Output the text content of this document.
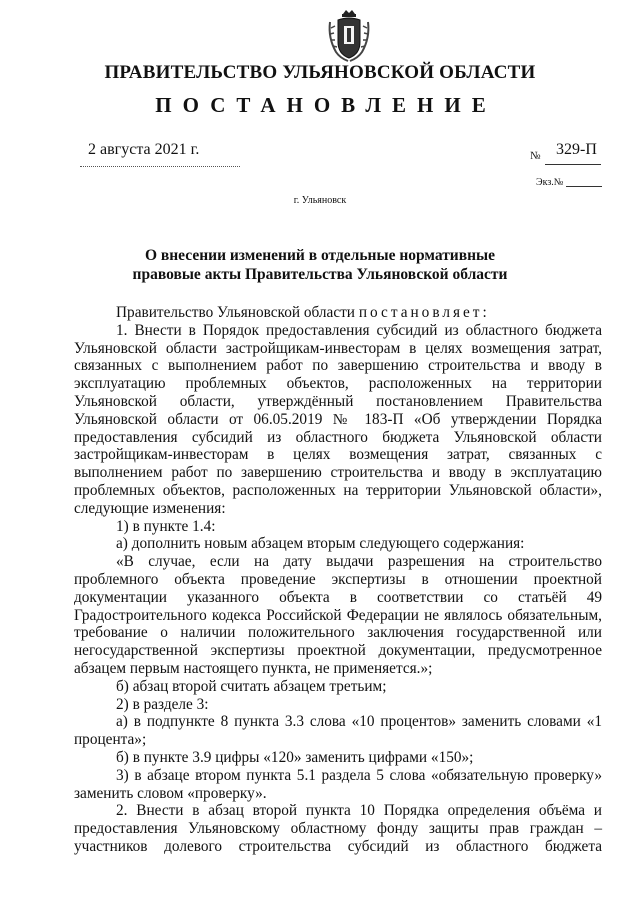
ПРАВИТЕЛЬСТВО УЛЬЯНОВСКОЙ ОБЛАСТИ
ПОСТАНОВЛЕНИЕ
2 августа 2021 г.	№ 329-П
Экз.№
г. Ульяновск
О внесении изменений в отдельные нормативные
правовые акты Правительства Ульяновской области

Правительство Ульяновской области постановляет:

1. Внести в Порядок предоставления субсидий из областного бюджета Ульяновской области застройщикам-инвесторам в целях возмещения затрат, связанных с выполнением работ по завершению строительства и вводу в эксплуатацию проблемных объектов, расположенных на территории Ульяновской области, утверждённый постановлением Правительства Ульяновской области от 06.05.2019 № 183-П «Об утверждении Порядка предоставления субсидий из областного бюджета Ульяновской области застройщикам-инвесторам в целях возмещения затрат, связанных с выполнением работ по завершению строительства и вводу в эксплуатацию проблемных объектов, расположенных на территории Ульяновской области», следующие изменения:

1) в пункте 1.4:

а) дополнить новым абзацем вторым следующего содержания:

«В случае, если на дату выдачи разрешения на строительство проблемного объекта проведение экспертизы в отношении проектной документации указанного объекта в соответствии со статьёй 49 Градостроительного кодекса Российской Федерации не являлось обязательным, требование о наличии положительного заключения государственной или негосударственной экспертизы проектной документации, предусмотренное абзацем первым настоящего пункта, не применяется.»;

б) абзац второй считать абзацем третьим;

2) в разделе 3:

а) в подпункте 8 пункта 3.3 слова «10 процентов» заменить словами «1 процента»;

б) в пункте 3.9 цифры «120» заменить цифрами «150»;

3) в абзаце втором пункта 5.1 раздела 5 слова «обязательную проверку» заменить словом «проверку».

2. Внести в абзац второй пункта 10 Порядка определения объёма и предоставления Ульяновскому областному фонду защиты прав граждан – участников долевого строительства субсидий из областного бюджета
